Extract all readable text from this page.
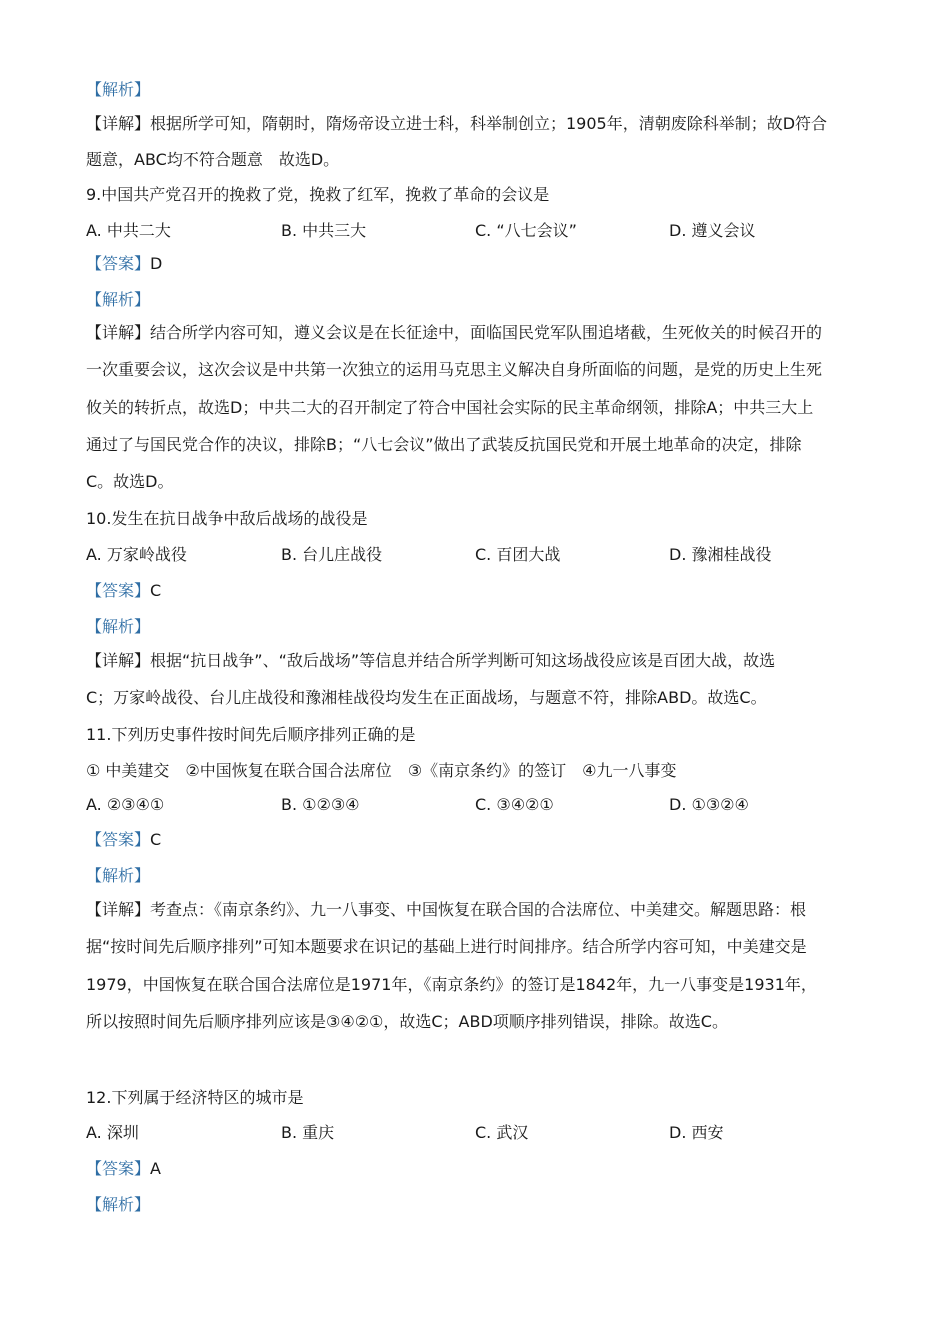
【解析】
【详解】根据所学可知，隋朝时，隋炀帝设立进士科，科举制创立；1905年，清朝废除科举制；故D符合
题意，ABC均不符合题意　故选D。
9.中国共产党召开的挽救了党，挽救了红军，挽救了革命的会议是
A. 中共二大	B. 中共三大	C. “八七会议”	D. 遵义会议
【答案】D
【解析】
【详解】结合所学内容可知，遵义会议是在长征途中，面临国民党军队围追堵截，生死攸关的时候召开的
一次重要会议，这次会议是中共第一次独立的运用马克思主义解决自身所面临的问题，是党的历史上生死
攸关的转折点，故选D；中共二大的召开制定了符合中国社会实际的民主革命纲领，排除A；中共三大上
通过了与国民党合作的决议，排除B；“八七会议”做出了武装反抗国民党和开展土地革命的决定，排除
C。故选D。
10.发生在抗日战争中敌后战场的战役是
A. 万家岭战役	B. 台儿庄战役	C. 百团大战	D. 豫湘桂战役
【答案】C
【解析】
【详解】根据“抗日战争”、“敌后战场”等信息并结合所学判断可知这场战役应该是百团大战，故选
C；万家岭战役、台儿庄战役和豫湘桂战役均发生在正面战场，与题意不符，排除ABD。故选C。
11.下列历史事件按时间先后顺序排列正确的是
① 中美建交　②中国恢复在联合国合法席位　③《南京条约》的签订　④九一八事变
A. ②③④①	B. ①②③④	C. ③④②①	D. ①③②④
【答案】C
【解析】
【详解】考查点：《南京条约》、九一八事变、中国恢复在联合国的合法席位、中美建交。解题思路：根
据“按时间先后顺序排列”可知本题要求在识记的基础上进行时间排序。结合所学内容可知，中美建交是
1979，中国恢复在联合国合法席位是1971年，《南京条约》的签订是1842年，九一八事变是1931年，
所以按照时间先后顺序排列应该是③④②①，故选C；ABD项顺序排列错误，排除。故选C。
12.下列属于经济特区的城市是
A. 深圳	B. 重庆	C. 武汉	D. 西安
【答案】A
【解析】
